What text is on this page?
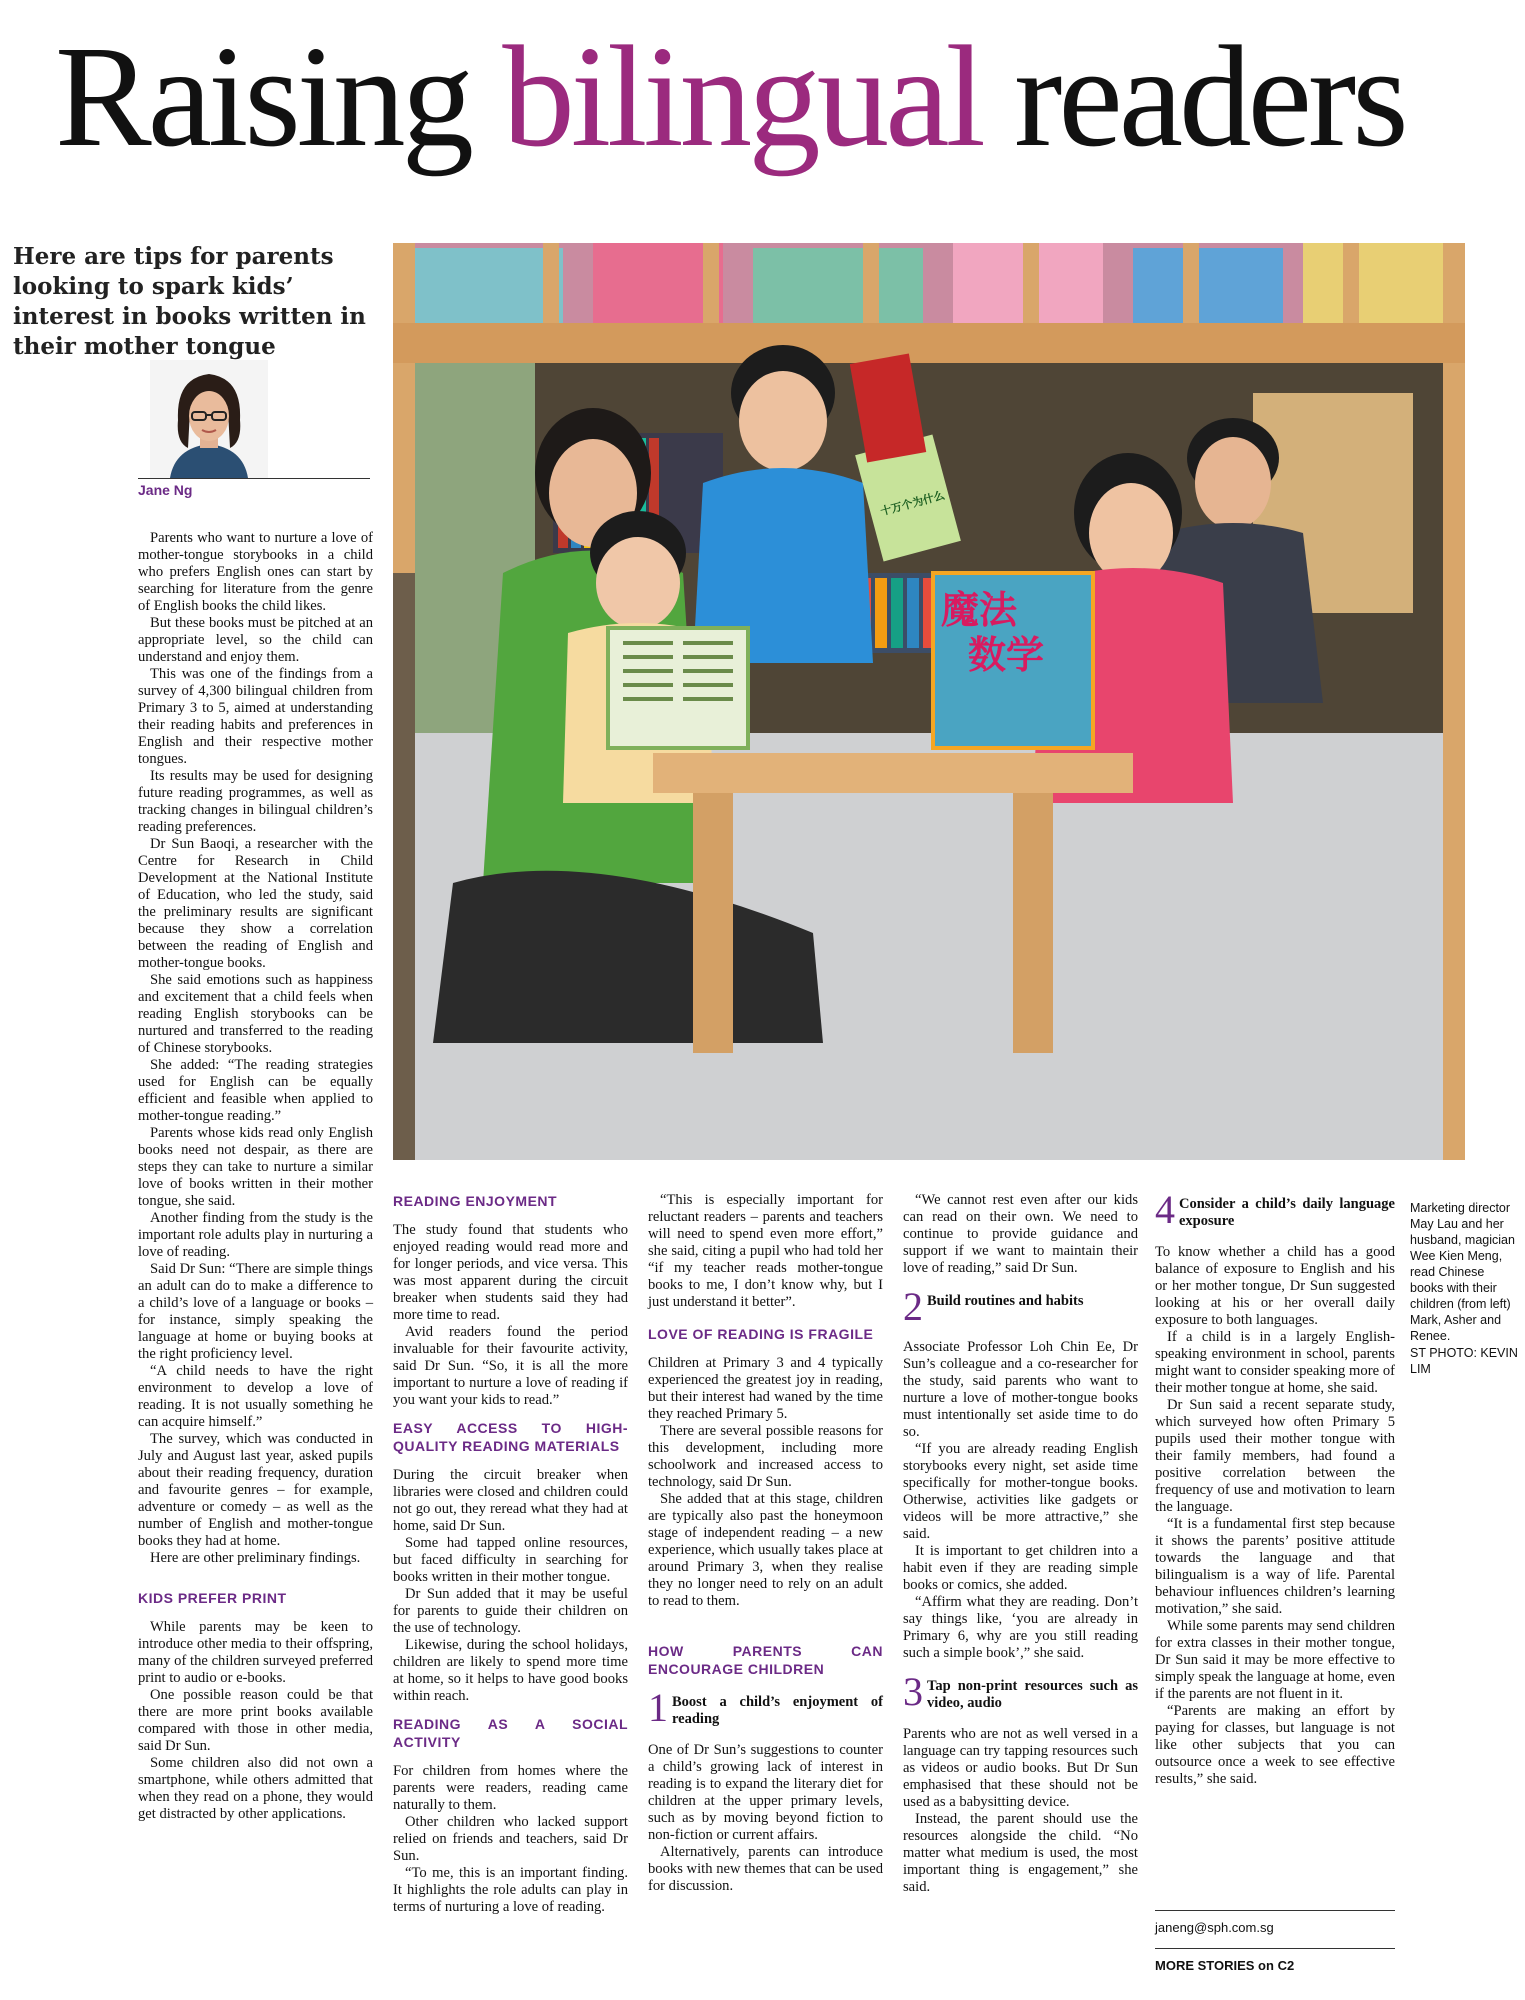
Raising bilingual readers
Here are tips for parents looking to spark kids’ interest in books written in their mother tongue
Jane Ng
魔法
数学
十万个为什么

Parents who want to nurture a love of mother-tongue storybooks in a child who prefers English ones can start by searching for literature from the genre of English books the child likes.

But these books must be pitched at an appropriate level, so the child can understand and enjoy them.

This was one of the findings from a survey of 4,300 bilingual children from Primary 3 to 5, aimed at understanding their reading habits and preferences in English and their respective mother tongues.

Its results may be used for designing future reading programmes, as well as tracking changes in bilingual children’s reading preferences.

Dr Sun Baoqi, a researcher with the Centre for Research in Child Development at the National Institute of Education, who led the study, said the preliminary results are significant because they show a correlation between the reading of English and mother-tongue books.

She said emotions such as happiness and excitement that a child feels when reading English storybooks can be nurtured and transferred to the reading of Chinese storybooks.

She added: “The reading strategies used for English can be equally efficient and feasible when applied to mother-tongue reading.”

Parents whose kids read only English books need not despair, as there are steps they can take to nurture a similar love of books written in their mother tongue, she said.

Another finding from the study is the important role adults play in nurturing a love of reading.

Said Dr Sun: “There are simple things an adult can do to make a difference to a child’s love of a language or books – for instance, simply speaking the language at home or buying books at the right proficiency level.

“A child needs to have the right environment to develop a love of reading. It is not usually something he can acquire himself.”

The survey, which was conducted in July and August last year, asked pupils about their reading frequency, duration and favourite genres – for example, adventure or comedy – as well as the number of English and mother-tongue books they had at home.

Here are other preliminary findings.

KIDS PREFER PRINT

While parents may be keen to introduce other media to their offspring, many of the children surveyed preferred print to audio or e-books.

One possible reason could be that there are more print books available compared with those in other media, said Dr Sun.

Some children also did not own a smartphone, while others admitted that when they read on a phone, they would get distracted by other applications.

READING ENJOYMENT

The study found that students who enjoyed reading would read more and for longer periods, and vice versa. This was most apparent during the circuit breaker when students said they had more time to read.

Avid readers found the period invaluable for their favourite activity, said Dr Sun. “So, it is all the more important to nurture a love of reading if you want your kids to read.”

EASY ACCESS TO HIGH-QUALITY READING MATERIALS

During the circuit breaker when libraries were closed and children could not go out, they reread what they had at home, said Dr Sun.

Some had tapped online resources, but faced difficulty in searching for books written in their mother tongue.

Dr Sun added that it may be useful for parents to guide their children on the use of technology.

Likewise, during the school holidays, children are likely to spend more time at home, so it helps to have good books within reach.

READING AS A SOCIAL ACTIVITY

For children from homes where the parents were readers, reading came naturally to them.

Other children who lacked support relied on friends and teachers, said Dr Sun.

“To me, this is an important finding. It highlights the role adults can play in terms of nurturing a love of reading.

“This is especially important for reluctant readers – parents and teachers will need to spend even more effort,” she said, citing a pupil who had told her “if my teacher reads mother-tongue books to me, I don’t know why, but I just understand it better”.

LOVE OF READING IS FRAGILE

Children at Primary 3 and 4 typically experienced the greatest joy in reading, but their interest had waned by the time they reached Primary 5.

There are several possible reasons for this development, including more schoolwork and increased access to technology, said Dr Sun.

She added that at this stage, children are typically also past the honeymoon stage of independent reading – a new experience, which usually takes place at around Primary 3, when they realise they no longer need to rely on an adult to read to them.

HOW PARENTS CAN ENCOURAGE CHILDREN
1 Boost a child’s enjoyment of reading

One of Dr Sun’s suggestions to counter a child’s growing lack of interest in reading is to expand the literary diet for children at the upper primary levels, such as by moving beyond fiction to non-fiction or current affairs.

Alternatively, parents can introduce books with new themes that can be used for discussion.

“We cannot rest even after our kids can read on their own. We need to continue to provide guidance and support if we want to maintain their love of reading,” said Dr Sun.

2 Build routines and habits

Associate Professor Loh Chin Ee, Dr Sun’s colleague and a co-researcher for the study, said parents who want to nurture a love of mother-tongue books must intentionally set aside time to do so.

“If you are already reading English storybooks every night, set aside time specifically for mother-tongue books. Otherwise, activities like gadgets or videos will be more attractive,” she said.

It is important to get children into a habit even if they are reading simple books or comics, she added.

“Affirm what they are reading. Don’t say things like, ‘you are already in Primary 6, why are you still reading such a simple book’,” she said.

3 Tap non-print resources such as video, audio

Parents who are not as well versed in a language can try tapping resources such as videos or audio books. But Dr Sun emphasised that these should not be used as a babysitting device.

Instead, the parent should use the resources alongside the child. “No matter what medium is used, the most important thing is engagement,” she said.

4 Consider a child’s daily language exposure

To know whether a child has a good balance of exposure to English and his or her mother tongue, Dr Sun suggested looking at his or her overall daily exposure to both languages.

If a child is in a largely English-speaking environment in school, parents might want to consider speaking more of their mother tongue at home, she said.

Dr Sun said a recent separate study, which surveyed how often Primary 5 pupils used their mother tongue with their family members, had found a positive correlation between the frequency of use and motivation to learn the language.

“It is a fundamental first step because it shows the parents’ positive attitude towards the language and that bilingualism is a way of life. Parental behaviour influences children’s learning motivation,” she said.

While some parents may send children for extra classes in their mother tongue, Dr Sun said it may be more effective to simply speak the language at home, even if the parents are not fluent in it.

“Parents are making an effort by paying for classes, but language is not like other subjects that you can outsource once a week to see effective results,” she said.

Marketing director May Lau and her husband, magician Wee Kien Meng, read Chinese books with their children (from left) Mark, Asher and Renee.
ST PHOTO: KEVIN LIM
janeng@sph.com.sg
MORE STORIES on C2
